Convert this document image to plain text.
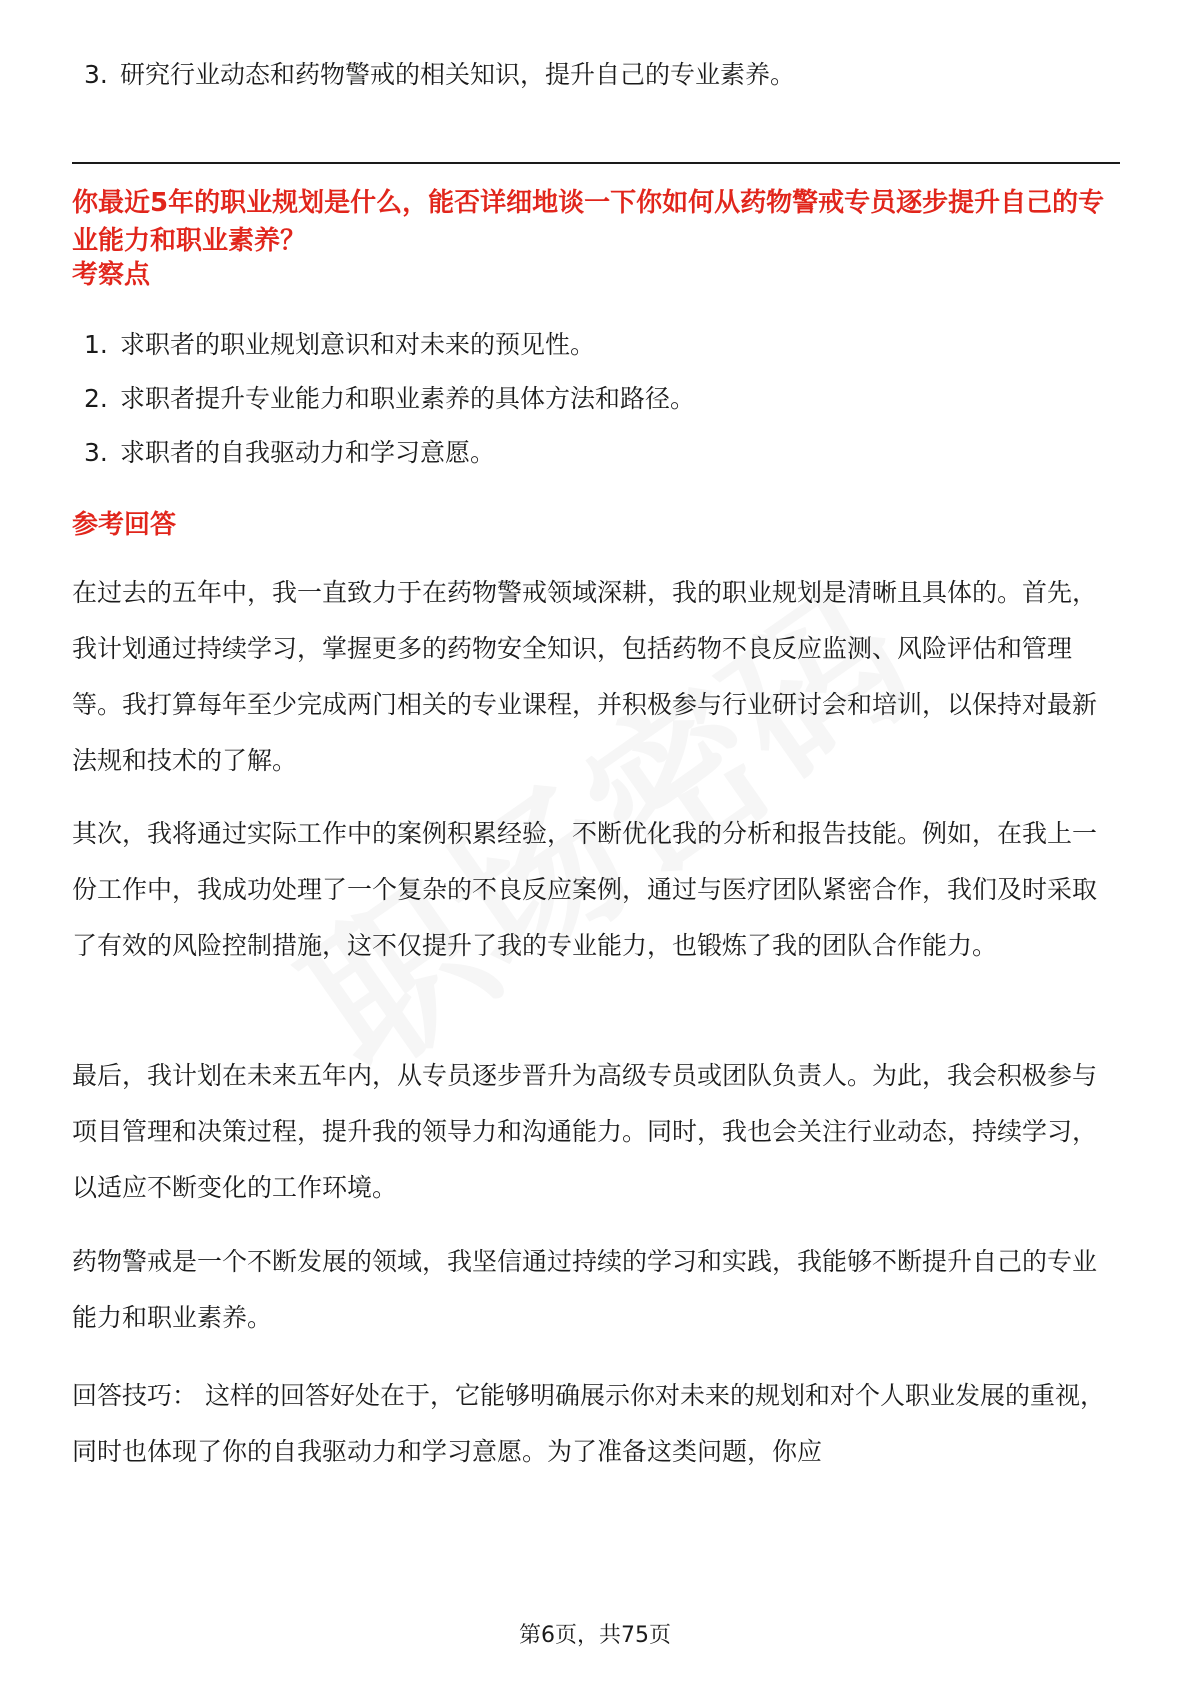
3. 研究行业动态和药物警戒的相关知识，提升自己的专业素养。
你最近5年的职业规划是什么，能否详细地谈一下你如何从药物警戒专员逐步提升自己的专业能力和职业素养？
考察点
1. 求职者的职业规划意识和对未来的预见性。
2. 求职者提升专业能力和职业素养的具体方法和路径。
3. 求职者的自我驱动力和学习意愿。
参考回答

在过去的五年中，我一直致力于在药物警戒领域深耕，我的职业规划是清晰且具体的。首先，我计划通过持续学习，掌握更多的药物安全知识，包括药物不良反应监测、风险评估和管理等。我打算每年至少完成两门相关的专业课程，并积极参与行业研讨会和培训，以保持对最新法规和技术的了解。

其次，我将通过实际工作中的案例积累经验，不断优化我的分析和报告技能。例如，在我上一份工作中，我成功处理了一个复杂的不良反应案例，通过与医疗团队紧密合作，我们及时采取了有效的风险控制措施，这不仅提升了我的专业能力，也锻炼了我的团队合作能力。

最后，我计划在未来五年内，从专员逐步晋升为高级专员或团队负责人。为此，我会积极参与项目管理和决策过程，提升我的领导力和沟通能力。同时，我也会关注行业动态，持续学习，以适应不断变化的工作环境。

药物警戒是一个不断发展的领域，我坚信通过持续的学习和实践，我能够不断提升自己的专业能力和职业素养。

回答技巧： 这样的回答好处在于，它能够明确展示你对未来的规划和对个人职业发展的重视，同时也体现了你的自我驱动力和学习意愿。为了准备这类问题，你应

第6页，共75页
